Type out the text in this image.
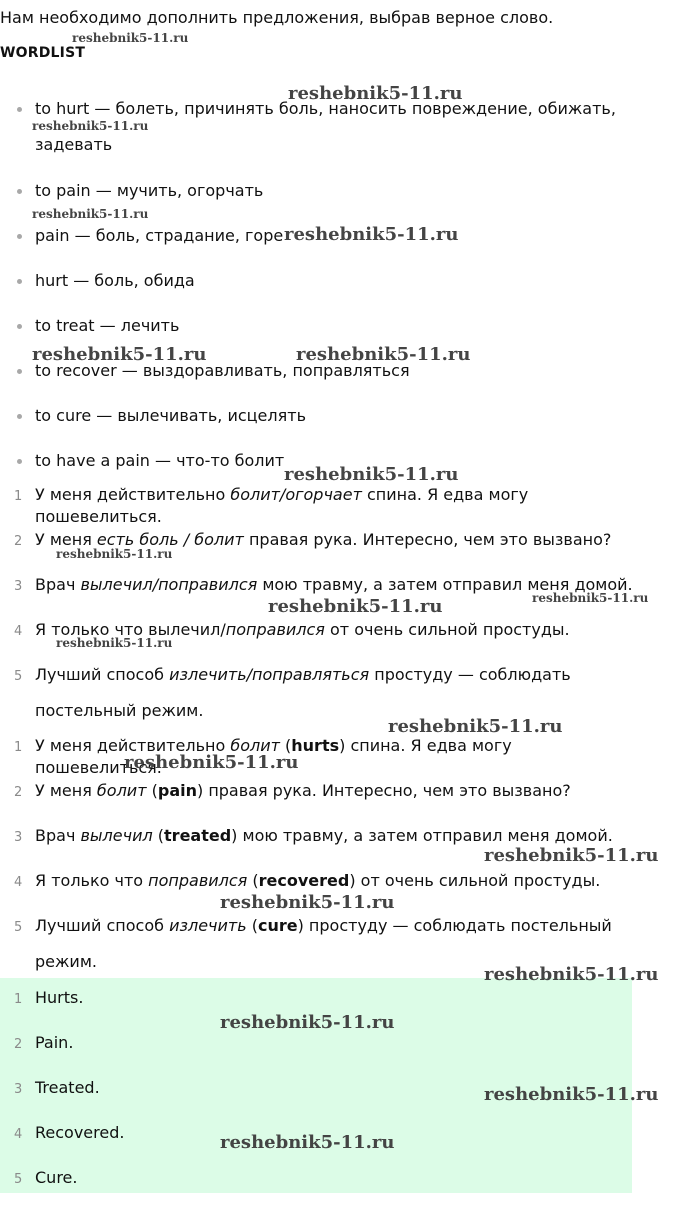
Нам необходимо дополнить предложения, выбрав верное слово.
WORDLIST
to hurt — болеть, причинять боль, наносить повреждение, обижать,
задевать
to pain — мучить, огорчать
pain — боль, страдание, горе
hurt — боль, обида
to treat — лечить
to recover — выздоравливать, поправляться
to cure — вылечивать, исцелять
to have a pain — что-то болит
1 У меня действительно болит/огорчает спина. Я едва могу пошевелиться.
2 У меня есть боль / болит правая рука. Интересно, чем это вызвано?
3 Врач вылечил/поправился мою травму, а затем отправил меня домой.
4 Я только что вылечил/поправился от очень сильной простуды.
5 Лучший способ излечить/поправляться простуду — соблюдать
постельный режим.
1 У меня действительно болит (hurts) спина. Я едва могу пошевелиться.
2 У меня болит (pain) правая рука. Интересно, чем это вызвано?
3 Врач вылечил (treated) мою травму, а затем отправил меня домой.
4 Я только что поправился (recovered) от очень сильной простуды.
5 Лучший способ излечить (cure) простуду — соблюдать постельный
режим.
1 Hurts.
2 Pain.
3 Treated.
4 Recovered.
5 Cure.
reshebnik5-11.ru
reshebnik5-11.ru
reshebnik5-11.ru
reshebnik5-11.ru
reshebnik5-11.ru
reshebnik5-11.ru	reshebnik5-11.ru
reshebnik5-11.ru
reshebnik5-11.ru
reshebnik5-11.ru
reshebnik5-11.ru
reshebnik5-11.ru
reshebnik5-11.ru
reshebnik5-11.ru
reshebnik5-11.ru
reshebnik5-11.ru
reshebnik5-11.ru
reshebnik5-11.ru
reshebnik5-11.ru
reshebnik5-11.ru
